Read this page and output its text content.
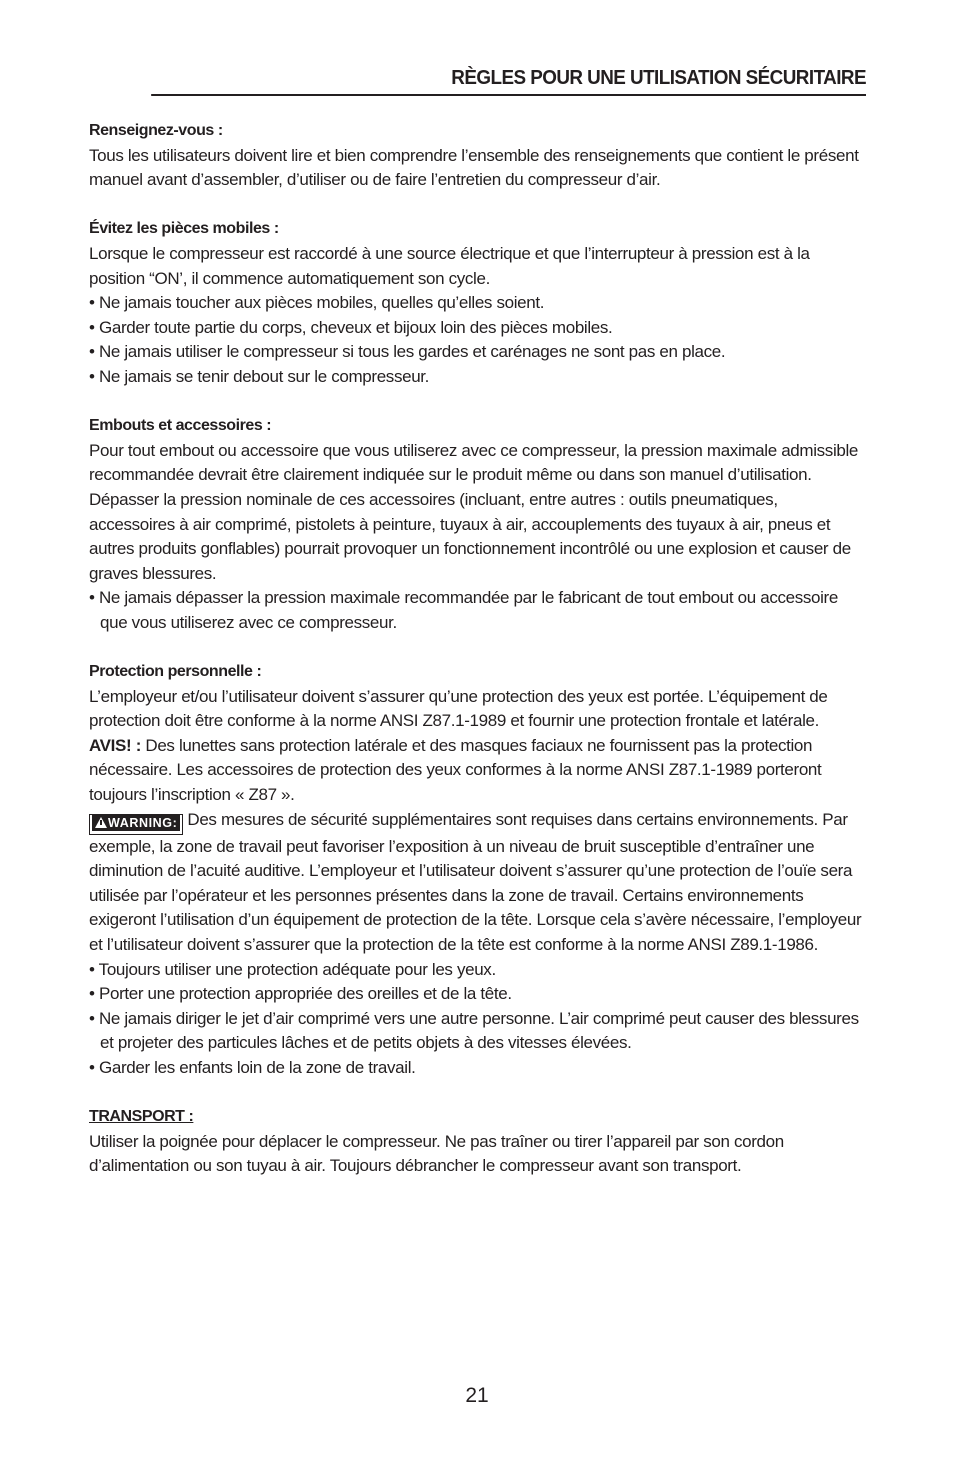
RÈGLES POUR UNE UTILISATION SÉCURITAIRE

Renseignez-vous :

Tous les utilisateurs doivent lire et bien comprendre l’ensemble des renseignements que contient le présent manuel avant d’assembler, d’utiliser ou de faire l’entretien du compresseur d’air.

Évitez les pièces mobiles :

Lorsque le compresseur est raccordé à une source électrique et que l’interrupteur à pression est à la position “ON’, il commence automatiquement son cycle.

• Ne jamais toucher aux pièces mobiles, quelles qu’elles soient.

• Garder toute partie du corps, cheveux et bijoux loin des pièces mobiles.

• Ne jamais utiliser le compresseur si tous les gardes et carénages ne sont pas en place.

• Ne jamais se tenir debout sur le compresseur.

Embouts et accessoires :

Pour tout embout ou accessoire que vous utiliserez avec ce compresseur, la pression maximale admissible recommandée devrait être clairement indiquée sur le produit même ou dans son manuel d’utilisation. Dépasser la pression nominale de ces accessoires (incluant, entre autres : outils pneumatiques, accessoires à air comprimé, pistolets à peinture, tuyaux à air, accouplements des tuyaux à air, pneus et autres produits gonflables) pourrait provoquer un fonctionnement incontrôlé ou une explosion et causer de graves blessures.

• Ne jamais dépasser la pression maximale recommandée par le fabricant de tout embout ou accessoire que vous utiliserez avec ce compresseur.

Protection personnelle :

L’employeur et/ou l’utilisateur doivent s’assurer qu’une protection des yeux est portée. L’équipement de protection doit être conforme à la norme ANSI Z87.1-1989 et fournir une protection frontale et latérale.

AVIS! : Des lunettes sans protection latérale et des masques faciaux ne fournissent pas la protection nécessaire. Les accessoires de protection des yeux conformes à la norme ANSI Z87.1-1989 porteront toujours l’inscription « Z87 ».

WARNING: Des mesures de sécurité supplémentaires sont requises dans certains environnements. Par exemple, la zone de travail peut favoriser l’exposition à un niveau de bruit susceptible d’entraîner une diminution de l’acuité auditive. L’employeur et l’utilisateur doivent s’assurer qu’une protection de l’ouïe sera utilisée par l’opérateur et les personnes présentes dans la zone de travail. Certains environnements exigeront l’utilisation d’un équipement de protection de la tête. Lorsque cela s’avère nécessaire, l’employeur et l’utilisateur doivent s’assurer que la protection de la tête est conforme à la norme ANSI Z89.1-1986.

• Toujours utiliser une protection adéquate pour les yeux.

• Porter une protection appropriée des oreilles et de la tête.

• Ne jamais diriger le jet d’air comprimé vers une autre personne. L’air comprimé peut causer des blessures et projeter des particules lâches et de petits objets à des vitesses élevées.

• Garder les enfants loin de la zone de travail.

TRANSPORT :

Utiliser la poignée pour déplacer le compresseur. Ne pas traîner ou tirer l’appareil par son cordon d’alimentation ou son tuyau à air. Toujours débrancher le compresseur avant son transport.

21
